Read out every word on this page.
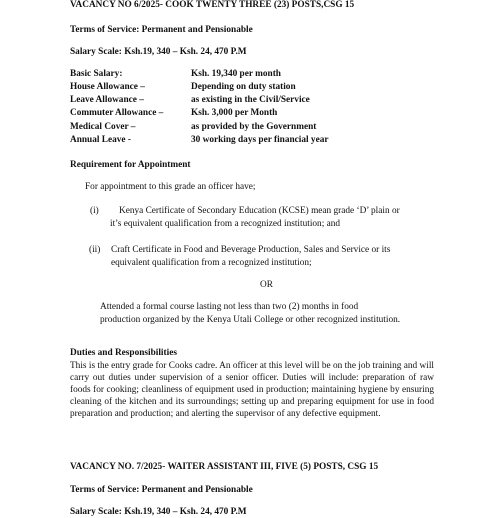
VACANCY NO 6/2025- COOK TWENTY THREE (23) POSTS,CSG 15
Terms of Service: Permanent and Pensionable
Salary Scale: Ksh.19, 340 – Ksh. 24, 470 P.M
Basic Salary:	Ksh. 19,340 per month
House Allowance –	Depending on duty station
Leave Allowance –	as existing in the Civil/Service
Commuter Allowance –	Ksh. 3,000 per Month
Medical Cover –	as provided by the Government
Annual Leave -	30 working days per financial year
Requirement for Appointment
For appointment to this grade an officer have;
(i) Kenya Certificate of Secondary Education (KCSE) mean grade ‘D’ plain or
it’s equivalent qualification from a recognized institution; and
(ii) Craft Certificate in Food and Beverage Production, Sales and Service or its
equivalent qualification from a recognized institution;
OR
Attended a formal course lasting not less than two (2) months in food
production organized by the Kenya Utali College or other recognized institution.
Duties and Responsibilities
This is the entry grade for Cooks cadre. An officer at this level will be on the job training and will carry out duties under supervision of a senior officer. Duties will include: preparation of raw foods for cooking; cleanliness of equipment used in production; maintaining hygiene by ensuring cleaning of the kitchen and its surroundings; setting up and preparing equipment for use in food preparation and production; and alerting the supervisor of any defective equipment.
VACANCY NO. 7/2025- WAITER ASSISTANT III, FIVE (5) POSTS, CSG 15
Terms of Service: Permanent and Pensionable
Salary Scale: Ksh.19, 340 – Ksh. 24, 470 P.M
